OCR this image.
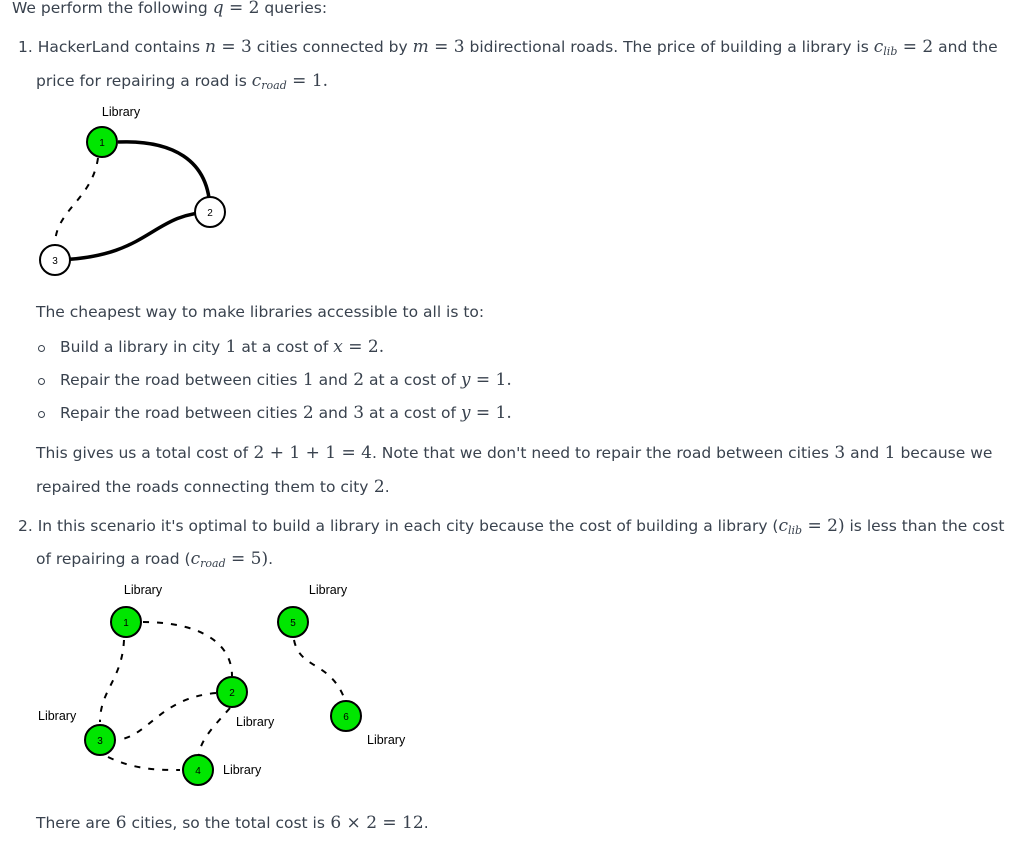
We perform the following q = 2 queries:
1. HackerLand contains n = 3 cities connected by m = 3 bidirectional roads. The price of building a library is clib = 2 and the
price for repairing a road is croad = 1.
Library
1
2
3
Library	Library
Library	Library
Library
Library
1
2
3
4
5
6
The cheapest way to make libraries accessible to all is to:
Build a library in city 1 at a cost of x = 2.
Repair the road between cities 1 and 2 at a cost of y = 1.
Repair the road between cities 2 and 3 at a cost of y = 1.
This gives us a total cost of 2 + 1 + 1 = 4. Note that we don't need to repair the road between cities 3 and 1 because we
repaired the roads connecting them to city 2.
2. In this scenario it's optimal to build a library in each city because the cost of building a library (clib = 2) is less than the cost
of repairing a road (croad = 5).
There are 6 cities, so the total cost is 6 × 2 = 12.
